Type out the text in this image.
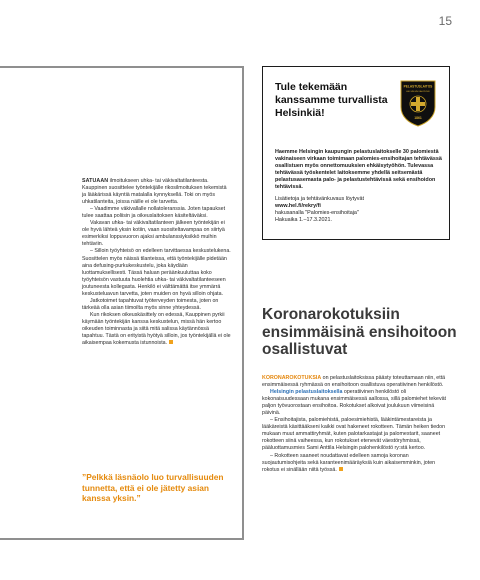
15

SATUAAN ilmoitukseen uhka- tai väkivaltatilanteesta. Kauppinen suosittelee työntekijälle rikosilmoituksen tekemistä ja lääkärissä käyntiä matalalla kynnyksellä. Toki on myös uhkatilanteita, joissa näille ei ole tarvetta.

– Vaadimme väkivallalle nollatoleranssia. Joten tapaukset tulee saattaa poliisin ja oikeuslaitoksen käsiteltäväksi.

Vakavan uhka- tai väkivaltatilanteen jälkeen työntekijän ei ole hyvä lähteä yksin kotiin, vaan suositeltavampaa on siirtyä esimerkiksi loppuvuoron ajaksi ambulanssiyksikkö muihin tehtäviin.

– Silloin työyhteisö on edelleen tarvittaessa keskustelukena. Suosittelen myös näissä tilanteissa, että työntekijälle pidetään aina defusing-purkukeskustelu, joka käydään luottamuksellisesti. Tässä haluan peräänkuuluttaa koko työyhteisön vastuuta huolehtia uhka- tai väkivaltatilanteeseen joutuneesta kollegasta. Henkilö ei välttämättä itse ymmärrä keskusteluavun tarvetta, joten muiden on hyvä silloin ohjata.

Jatkotoimet tapahtuvat työterveyden toimesta, joten on tärkeää olla asian tiimoilta myös sinne yhteydessä.

Kun rikoksen oikeuskäsittely on edessä, Kauppinen pyrkii käymään työntekijän kanssa keskustelun, missä hän kertoo oikeuden toiminnasta ja siitä mitä salissa käytännössä tapahtuu. Tästä on erityistä hyötyä silloin, jos työntekijällä ei ole aikaisempaa kokemusta istunnoista.

”Pelkkä läsnäolo luo turvallisuuden tunnetta, että ei ole jätetty asian kanssa yksin.”
Tule tekemään kanssamme turvallista Helsinkiä!
PELASTUSLAITOS
HELSINGIN KAUPUNKI
1861

Haemme Helsingin kaupungin pelastuslaitokselle 30 palomiestä vakinaiseen virkaan toimimaan palomies-ensihoitajan tehtävässä osallistuen myös onnettomuuksien ehkäisytyöhön. Tulevassa tehtävässä työskentelet laitoksemme yhdellä seitsemästä pelastusasemasta palo- ja pelastustehtävissä sekä ensihoidon tehtävissä.

Lisätietoja ja tehtävänkuvaus löytyvät
www.hel.fi/rekry/fi
hakusanalla "Palomies-ensihoitaja"
Hakuaika 1.–17.3.2021.

Koronarokotuksiin ensimmäisinä ensihoitoon osallistuvat

KORONAROKOTUKSIA on pelastuslaitoksissa päästy toteuttamaan niin, että ensimmäisessä ryhmässä on ensihoitoon osallistuva operatiivinen henkilöstö.

Helsingin pelastuslaitoksella operatiivinen henkilöstö oli kokonaisuudessaan mukana ensimmäisessä aallossa, sillä palomiehet tekevät paljon työvuorostaan ensihoitoa. Rokotukset alkoivat joulukuun viimeisinä päivinä.

– Ensihoitajista, palomiehistä, paloesimiehistä, lääkintämestareista ja lääkäreistä käsittääkseni kaikki ovat hakeneet rokotteen. Tämän heiken tiedon mukaan muut ammattiryhmät, kuten palotarkastajat ja palomestarit, saaneet rokotteen siinä vaiheessa, kun rokotukset etenevät väestöryhmissä, pääluottamusmies Sami Anttila Helsingin palohenkilöstö ry:stä kertoo.

– Rokotteen saaneet noudattavat edelleen samoja koronan suojautumisohjeita sekä karanteenimääräyksiä kuin aikaisemminkin, joten rokotus ei sinällään niitä työssä.
